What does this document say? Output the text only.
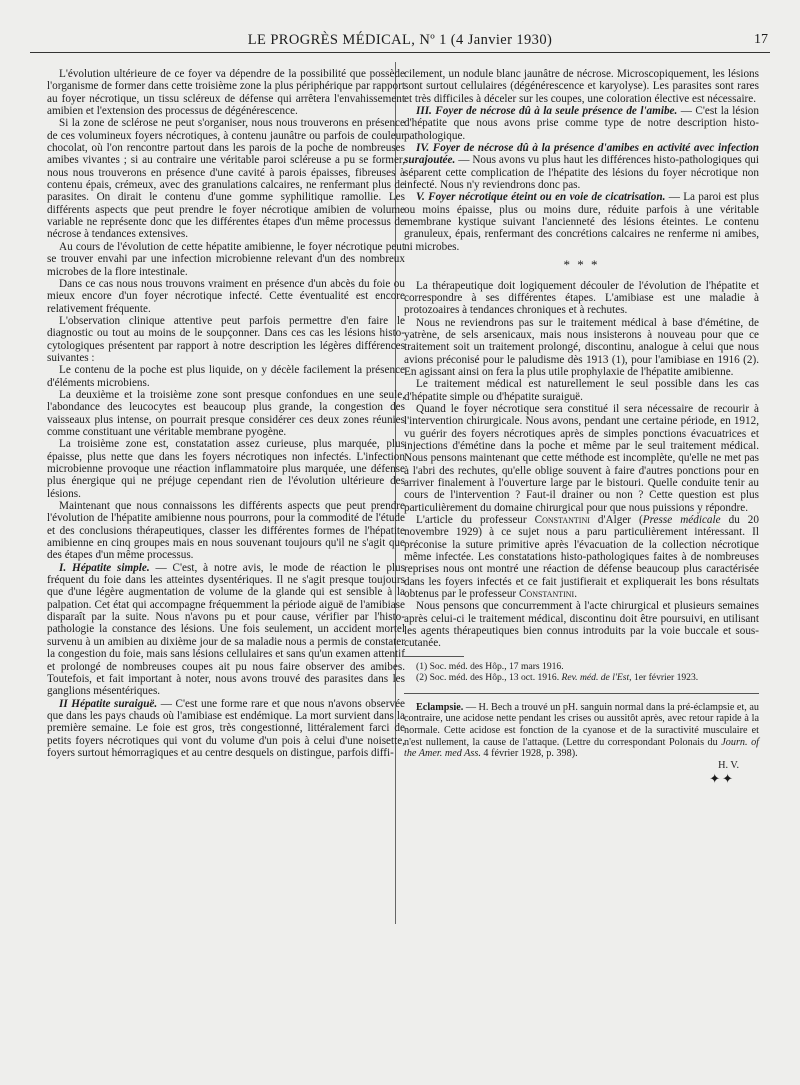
LE PROGRÈS MÉDICAL, Nº 1 (4 Janvier 1930)	17

L'évolution ultérieure de ce foyer va dépendre de la possibilité que possède l'organisme de former dans cette troisième zone la plus périphérique par rapport au foyer nécrotique, un tissu scléreux de défense qui arrêtera l'envahissement amibien et l'extension des processus de dégénérescence.

Si la zone de sclérose ne peut s'organiser, nous nous trouverons en présence de ces volumineux foyers nécrotiques, à contenu jaunâtre ou parfois de couleur chocolat, où l'on rencontre partout dans les parois de la poche de nombreuses amibes vivantes ; si au contraire une véritable paroi scléreuse a pu se former, nous nous trouverons en présence d'une cavité à parois épaisses, fibreuses à contenu épais, crémeux, avec des granulations calcaires, ne renfermant plus de parasites. On dirait le contenu d'une gomme syphilitique ramollie. Les différents aspects que peut prendre le foyer nécrotique amibien de volume variable ne représente donc que les différentes étapes d'un même processus de nécrose à tendances extensives.

Au cours de l'évolution de cette hépatite amibienne, le foyer nécrotique peut se trouver envahi par une infection microbienne relevant d'un des nombreux microbes de la flore intestinale.

Dans ce cas nous nous trouvons vraiment en présence d'un abcès du foie ou mieux encore d'un foyer nécrotique infecté. Cette éventualité est encore relativement fréquente.

L'observation clinique attentive peut parfois permettre d'en faire le diagnostic ou tout au moins de le soupçonner. Dans ces cas les lésions histo-cytologiques présentent par rapport à notre description les légères différences suivantes :

Le contenu de la poche est plus liquide, on y décèle facilement la présence d'éléments microbiens.

La deuxième et la troisième zone sont presque confondues en une seule, l'abondance des leucocytes est beaucoup plus grande, la congestion des vaisseaux plus intense, on pourrait presque considérer ces deux zones réunies comme constituant une véritable membrane pyogène.

La troisième zone est, constatation assez curieuse, plus marquée, plus épaisse, plus nette que dans les foyers nécrotiques non infectés. L'infection microbienne provoque une réaction inflammatoire plus marquée, une défense plus énergique qui ne préjuge cependant rien de l'évolution ultérieure des lésions.

Maintenant que nous connaissons les différents aspects que peut prendre l'évolution de l'hépatite amibienne nous pourrons, pour la commodité de l'étude et des conclusions thérapeutiques, classer les différentes formes de l'hépatite amibienne en cinq groupes mais en nous souvenant toujours qu'il ne s'agit que des étapes d'un même processus.

I. Hépatite simple. — C'est, à notre avis, le mode de réaction le plus fréquent du foie dans les atteintes dysentériques. Il ne s'agit presque toujours que d'une légère augmentation de volume de la glande qui est sensible à la palpation. Cet état qui accompagne fréquemment la période aiguë de l'amibiase disparaît par la suite. Nous n'avons pu et pour cause, vérifier par l'histo-pathologie la constance des lésions. Une fois seulement, un accident mortel survenu à un amibien au dixième jour de sa maladie nous a permis de constater la congestion du foie, mais sans lésions cellulaires et sans qu'un examen attentif et prolongé de nombreuses coupes ait pu nous faire observer des amibes. Toutefois, et fait important à noter, nous avons trouvé des parasites dans les ganglions mésentériques.

II Hépatite suraiguë. — C'est une forme rare et que nous n'avons observée que dans les pays chauds où l'amibiase est endémique. La mort survient dans la première semaine. Le foie est gros, très congestionné, littéralement farci de petits foyers nécrotiques qui vont du volume d'un pois à celui d'une noisette, foyers surtout hémorragiques et au centre desquels on distingue, parfois diffi-

cilement, un nodule blanc jaunâtre de nécrose. Microscopiquement, les lésions sont surtout cellulaires (dégénérescence et karyolyse). Les parasites sont rares et très difficiles à déceler sur les coupes, une coloration élective est nécessaire.

III. Foyer de nécrose dû à la seule présence de l'amibe. — C'est la lésion d'hépatite que nous avons prise comme type de notre description histo-pathologique.

IV. Foyer de nécrose dû à la présence d'amibes en activité avec infection surajoutée. — Nous avons vu plus haut les différences histo-pathologiques qui séparent cette complication de l'hépatite des lésions du foyer nécrotique non infecté. Nous n'y reviendrons donc pas.

V. Foyer nécrotique éteint ou en voie de cicatrisation. — La paroi est plus ou moins épaisse, plus ou moins dure, réduite parfois à une véritable membrane kystique suivant l'ancienneté des lésions éteintes. Le contenu granuleux, épais, renfermant des concrétions calcaires ne renferme ni amibes, ni microbes.

* * *

La thérapeutique doit logiquement découler de l'évolution de l'hépatite et correspondre à ses différentes étapes. L'amibiase est une maladie à protozoaires à tendances chroniques et à rechutes.

Nous ne reviendrons pas sur le traitement médical à base d'émétine, de yatrène, de sels arsenicaux, mais nous insisterons à nouveau pour que ce traitement soit un traitement prolongé, discontinu, analogue à celui que nous avions préconisé pour le paludisme dès 1913 (1), pour l'amibiase en 1916 (2). En agissant ainsi on fera la plus utile prophylaxie de l'hépatite amibienne.

Le traitement médical est naturellement le seul possible dans les cas d'hépatite simple ou d'hépatite suraiguë.

Quand le foyer nécrotique sera constitué il sera nécessaire de recourir à l'intervention chirurgicale. Nous avons, pendant une certaine période, en 1912, vu guérir des foyers nécrotiques après de simples ponctions évacuatrices et injections d'émétine dans la poche et même par le seul traitement médical. Nous pensons maintenant que cette méthode est incomplète, qu'elle ne met pas à l'abri des rechutes, qu'elle oblige souvent à faire d'autres ponctions pour en arriver finalement à l'ouverture large par le bistouri. Quelle conduite tenir au cours de l'intervention ? Faut-il drainer ou non ? Cette question est plus particulièrement du domaine chirurgical pour que nous puissions y répondre.

L'article du professeur Constantini d'Alger (Presse médicale du 20 novembre 1929) à ce sujet nous a paru particulièrement intéressant. Il préconise la suture primitive après l'évacuation de la collection nécrotique même infectée. Les constatations histo-pathologiques faites à de nombreuses reprises nous ont montré une réaction de défense beaucoup plus caractérisée dans les foyers infectés et ce fait justifierait et expliquerait les bons résultats obtenus par le professeur Constantini.

Nous pensons que concurremment à l'acte chirurgical et plusieurs semaines après celui-ci le traitement médical, discontinu doit être poursuivi, en utilisant les agents thérapeutiques bien connus introduits par la voie buccale et sous-cutanée.

(1) Soc. méd. des Hôp., 17 mars 1916.

(2) Soc. méd. des Hôp., 13 oct. 1916. Rev. méd. de l'Est, 1er février 1923.

Eclampsie. — H. Bech a trouvé un pH. sanguin normal dans la pré-éclampsie et, au contraire, une acidose nette pendant les crises ou aussitôt après, avec retour rapide à la normale. Cette acidose est fonction de la cyanose et de la suractivité musculaire et n'est nullement, la cause de l'attaque. (Lettre du correspondant Polonais du Journ. of the Amer. med Ass. 4 février 1928, p. 398).

H. V.
✦✦
